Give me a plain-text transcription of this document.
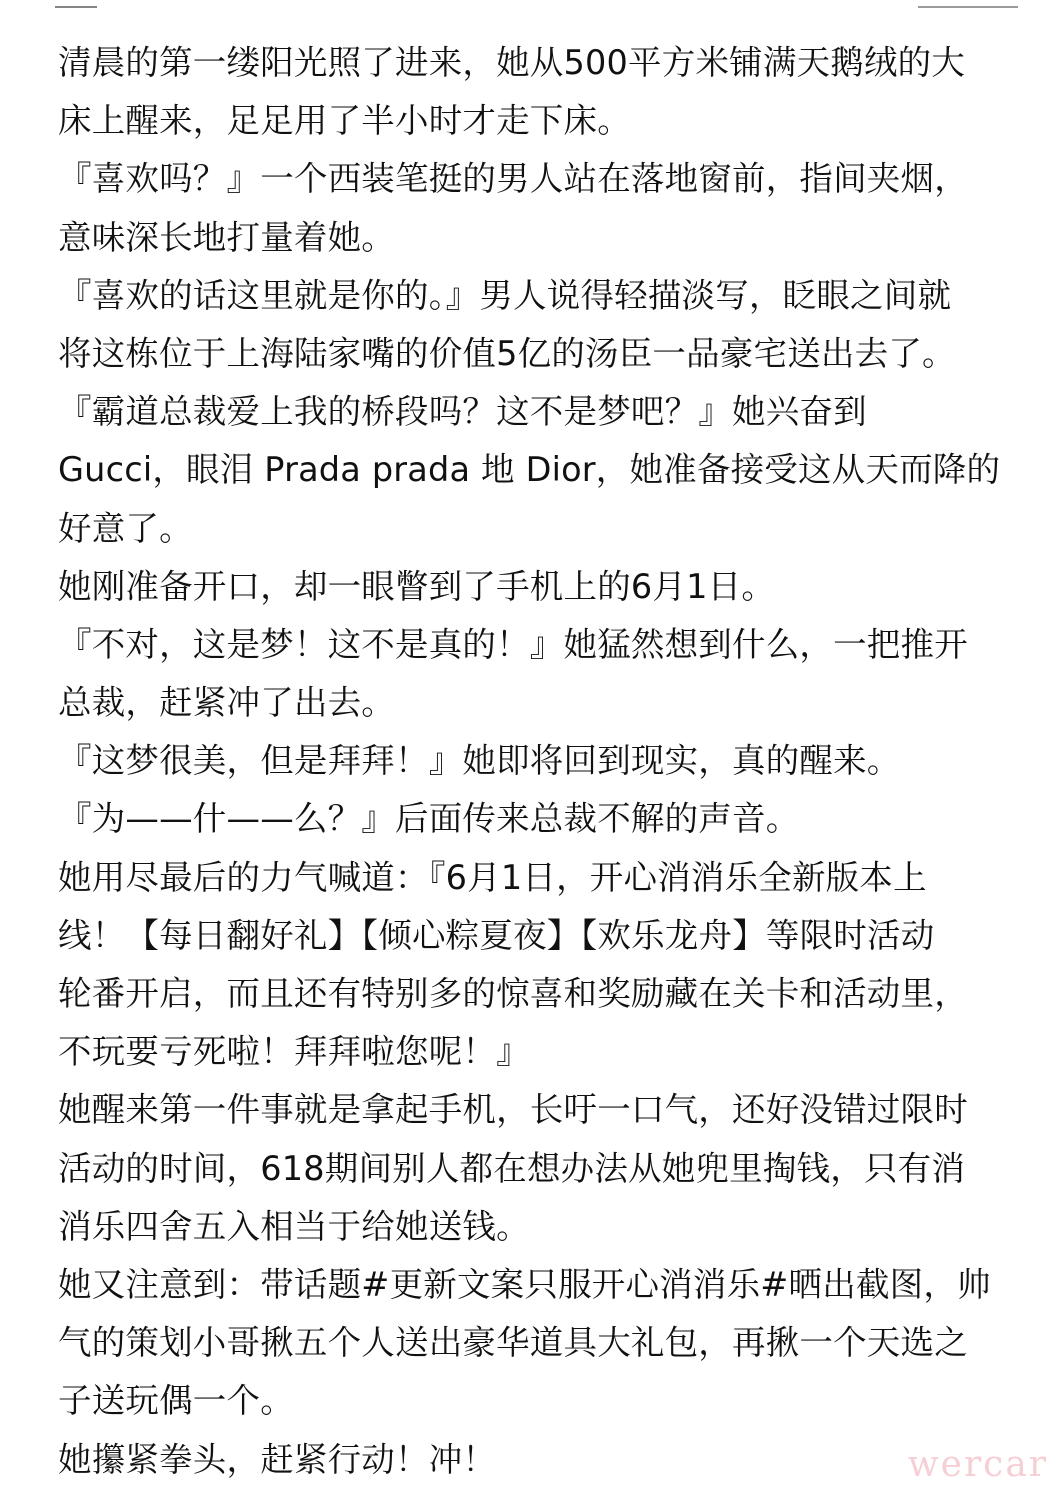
清晨的第一缕阳光照了进来，她从500平方米铺满天鹅绒的大
床上醒来，足足用了半小时才走下床。
『喜欢吗？』一个西装笔挺的男人站在落地窗前，指间夹烟，
意味深长地打量着她。
『喜欢的话这里就是你的。』男人说得轻描淡写，眨眼之间就
将这栋位于上海陆家嘴的价值5亿的汤臣一品豪宅送出去了。
『霸道总裁爱上我的桥段吗？这不是梦吧？』她兴奋到
Gucci，眼泪 Prada prada 地 Dior，她准备接受这从天而降的
好意了。
她刚准备开口，却一眼瞥到了手机上的6月1日。
『不对，这是梦！这不是真的！』她猛然想到什么，一把推开
总裁，赶紧冲了出去。
『这梦很美，但是拜拜！』她即将回到现实，真的醒来。
『为——什——么？』后面传来总裁不解的声音。
她用尽最后的力气喊道：『6月1日，开心消消乐全新版本上
线！【每日翻好礼】【倾心粽夏夜】【欢乐龙舟】等限时活动
轮番开启，而且还有特别多的惊喜和奖励藏在关卡和活动里，
不玩要亏死啦！拜拜啦您呢！』
她醒来第一件事就是拿起手机，长吁一口气，还好没错过限时
活动的时间，618期间别人都在想办法从她兜里掏钱，只有消
消乐四舍五入相当于给她送钱。
她又注意到：带话题#更新文案只服开心消消乐#晒出截图，帅
气的策划小哥揪五个人送出豪华道具大礼包，再揪一个天选之
子送玩偶一个。
她攥紧拳头，赶紧行动！冲！	wercar
